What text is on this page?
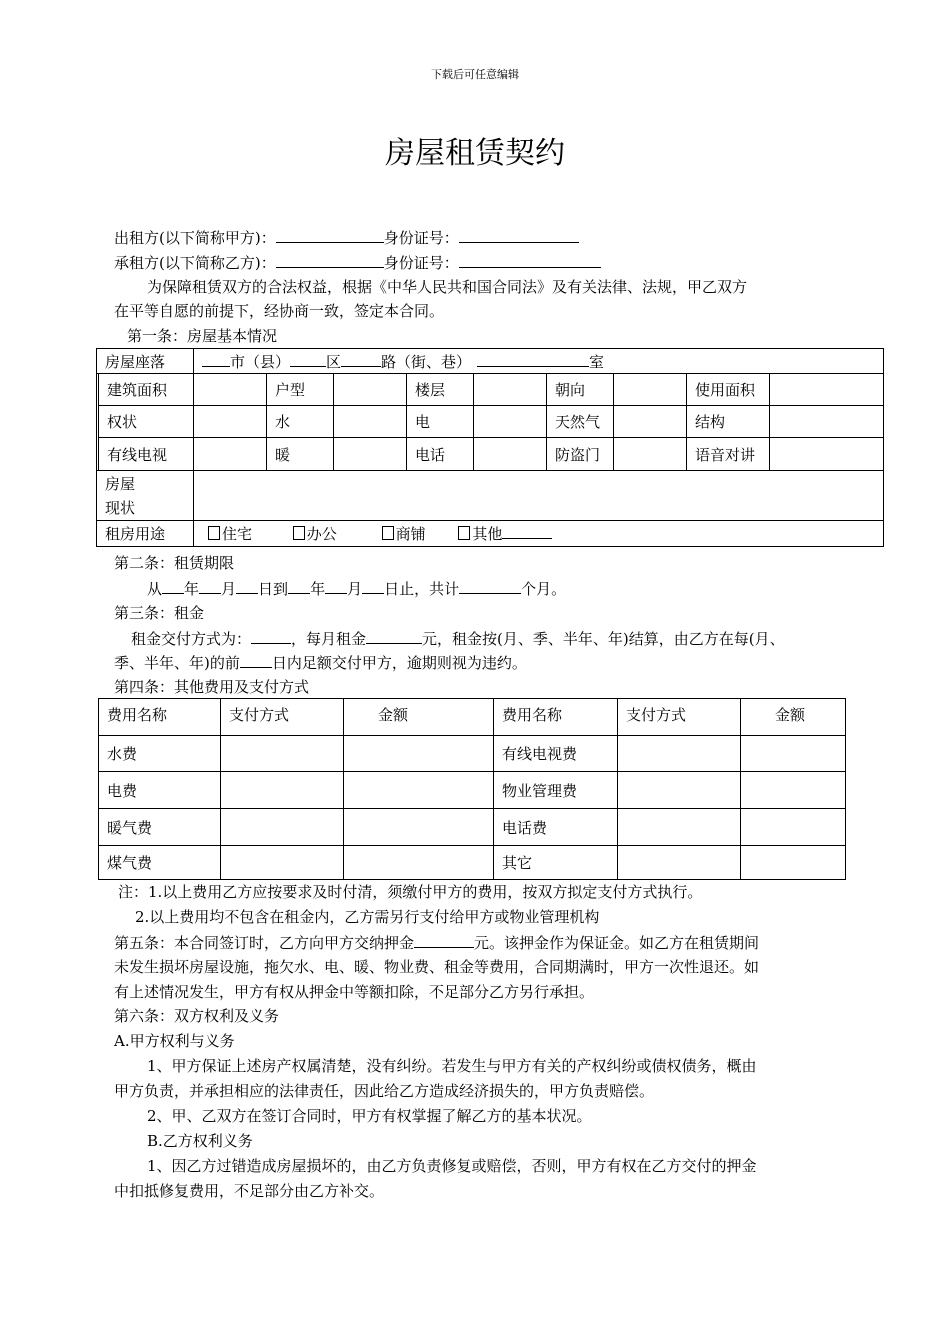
下载后可任意编辑
房屋租赁契约
出租方(以下简称甲方)：	身份证号：
承租方(以下简称乙方)：	身份证号：
为保障租赁双方的合法权益，根据《中华人民共和国合同法》及有关法律、法规，甲乙双方
在平等自愿的前提下，经协商一致，签定本合同。
第一条：房屋基本情况
房屋座落		市（县） 区 路（街、巷） 室								
	建筑面积		户型		楼层		朝向		使用面积	
	权状		水		电		天然气		结构	
	有线电视		暖		电话		防盗门		语音对讲	

房屋
现状										

租房用途		住宅 办公 商铺 其他								
第二条：租赁期限
从 年 月 日到 年 月 日止，共计	个月。
第三条：租金
租金交付方式为：	，每月租金	元，租金按(月、季、半年、年)结算，由乙方在每(月、
季、半年、年)的前 日内足额交付甲方，逾期则视为违约。
第四条：其他费用及支付方式
费用名称	支付方式	金额	费用名称	支付方式	金额
水费			有线电视费		
电费			物业管理费		
暖气费			电话费		
煤气费			其它		
注：1.以上费用乙方应按要求及时付清，须缴付甲方的费用，按双方拟定支付方式执行。
2.以上费用均不包含在租金内，乙方需另行支付给甲方或物业管理机构
第五条：本合同签订时，乙方向甲方交纳押金	元。该押金作为保证金。如乙方在租赁期间
未发生损坏房屋设施，拖欠水、电、暖、物业费、租金等费用，合同期满时，甲方一次性退还。如
有上述情况发生，甲方有权从押金中等额扣除，不足部分乙方另行承担。
第六条：双方权利及义务
A.甲方权利与义务
1、甲方保证上述房产权属清楚，没有纠纷。若发生与甲方有关的产权纠纷或债权债务，概由
甲方负责，并承担相应的法律责任，因此给乙方造成经济损失的，甲方负责赔偿。
2、甲、乙双方在签订合同时，甲方有权掌握了解乙方的基本状况。
B.乙方权利义务
1、因乙方过错造成房屋损坏的，由乙方负责修复或赔偿，否则，甲方有权在乙方交付的押金
中扣抵修复费用，不足部分由乙方补交。
